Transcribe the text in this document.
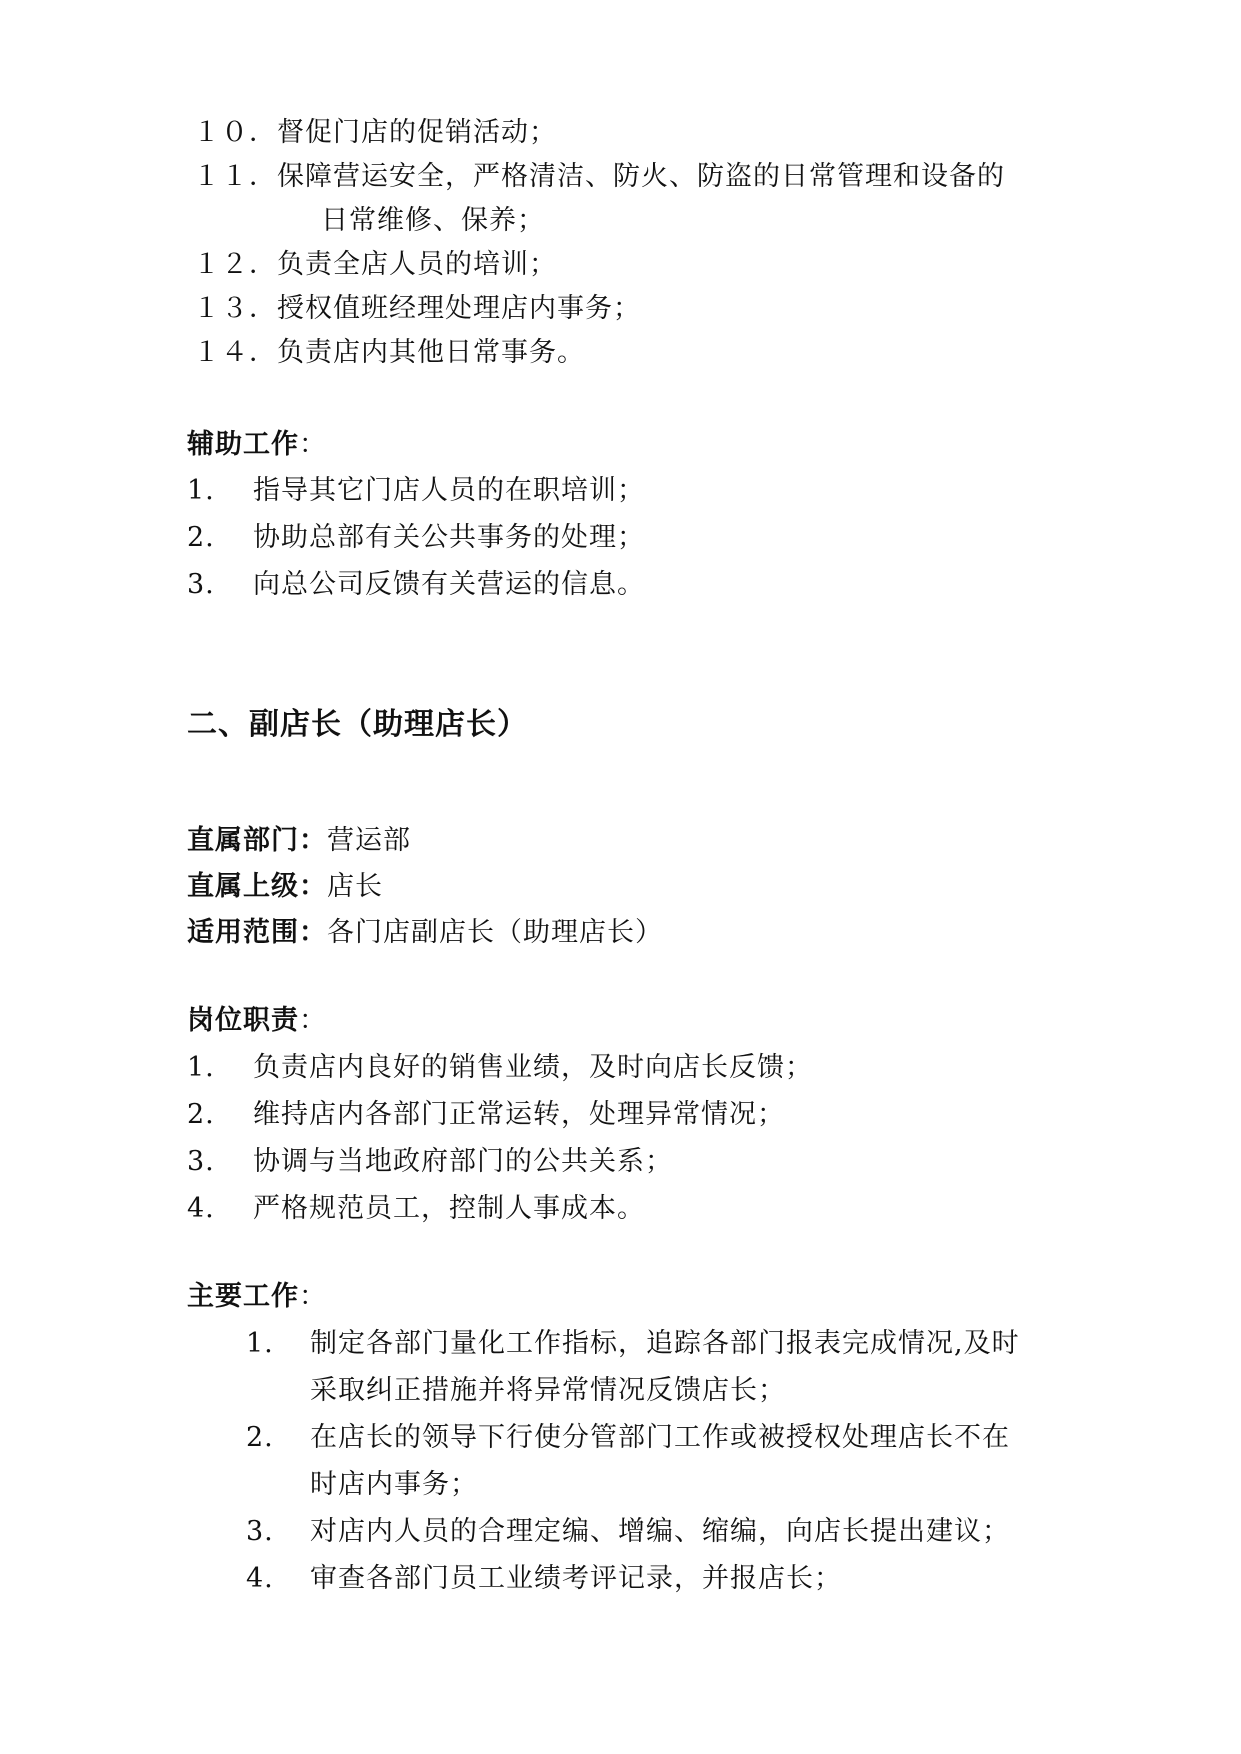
１０．督促门店的促销活动；
１１．保障营运安全，严格清洁、防火、防盗的日常管理和设备的
日常维修、保养；
１２．负责全店人员的培训；
１３．授权值班经理处理店内事务；
１４．负责店内其他日常事务。
辅助工作：
1. 指导其它门店人员的在职培训；
2. 协助总部有关公共事务的处理；
3. 向总公司反馈有关营运的信息。
二、副店长（助理店长）
直属部门：营运部
直属上级：店长
适用范围：各门店副店长（助理店长）
岗位职责：
1. 负责店内良好的销售业绩，及时向店长反馈；
2. 维持店内各部门正常运转，处理异常情况；
3. 协调与当地政府部门的公共关系；
4. 严格规范员工，控制人事成本。
主要工作：
1. 制定各部门量化工作指标，追踪各部门报表完成情况,及时
采取纠正措施并将异常情况反馈店长；
2. 在店长的领导下行使分管部门工作或被授权处理店长不在
时店内事务；
3. 对店内人员的合理定编、增编、缩编，向店长提出建议；
4. 审查各部门员工业绩考评记录，并报店长；
